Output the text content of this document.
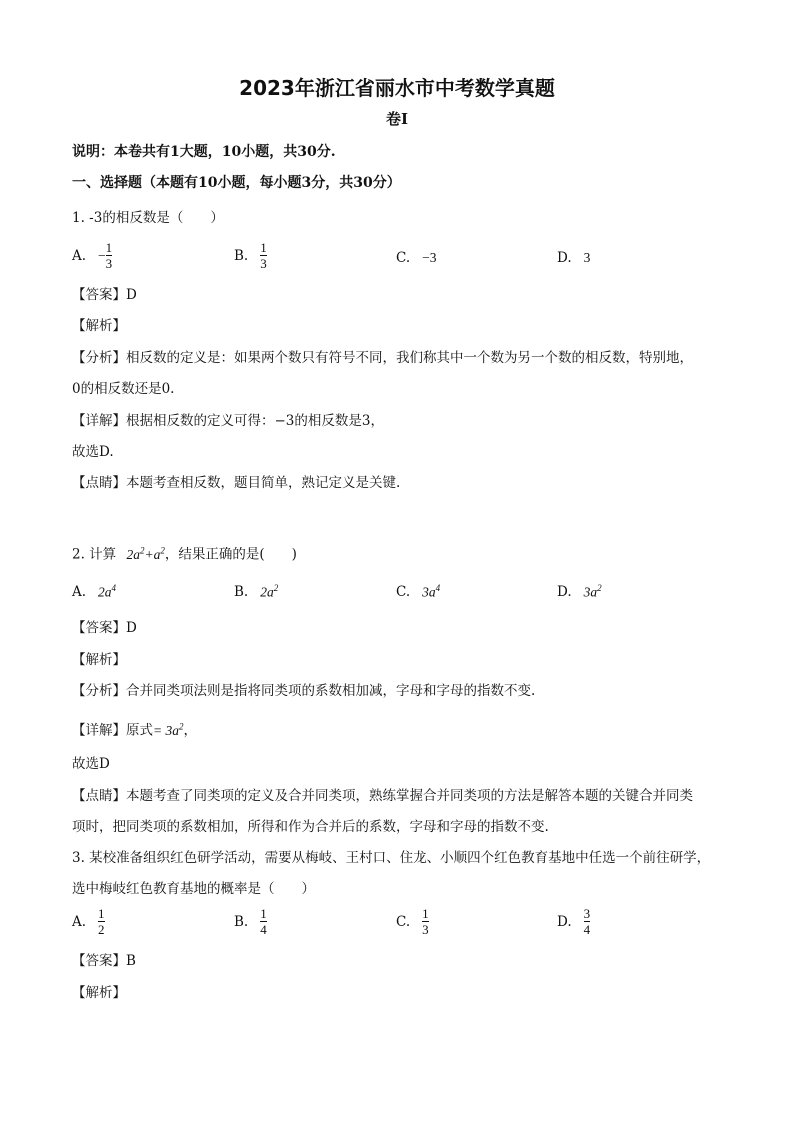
2023年浙江省丽水市中考数学真题
卷I
说明：本卷共有1大题，10小题，共30分.
一、选择题（本题有10小题，每小题3分，共30分）
1. -3的相反数是（　　）
A. − $\frac{1}{3}$	B. $\frac{1}{3}$	C. −3	D. 3
【答案】D
【解析】
【分析】相反数的定义是：如果两个数只有符号不同，我们称其中一个数为另一个数的相反数，特别地，
0的相反数还是0.
【详解】根据相反数的定义可得：−3的相反数是3，
故选D.
【点睛】本题考查相反数，题目简单，熟记定义是关键.
2. 计算 $2a^2+a^2$，结果正确的是(　　)
A. $2a^4$	B. $2a^2$	C. $3a^4$	D. $3a^2$
【答案】D
【解析】
【分析】合并同类项法则是指将同类项的系数相加减，字母和字母的指数不变.
【详解】原式= $3a^2$，
故选D
【点睛】本题考查了同类项的定义及合并同类项，熟练掌握合并同类项的方法是解答本题的关键合并同类
项时，把同类项的系数相加，所得和作为合并后的系数，字母和字母的指数不变.
3. 某校准备组织红色研学活动，需要从梅岐、王村口、住龙、小顺四个红色教育基地中任选一个前往研学，
选中梅岐红色教育基地的概率是（　　）
A. $\frac{1}{2}$	B. $\frac{1}{4}$	C. $\frac{1}{3}$	D. $\frac{3}{4}$
【答案】B
【解析】
